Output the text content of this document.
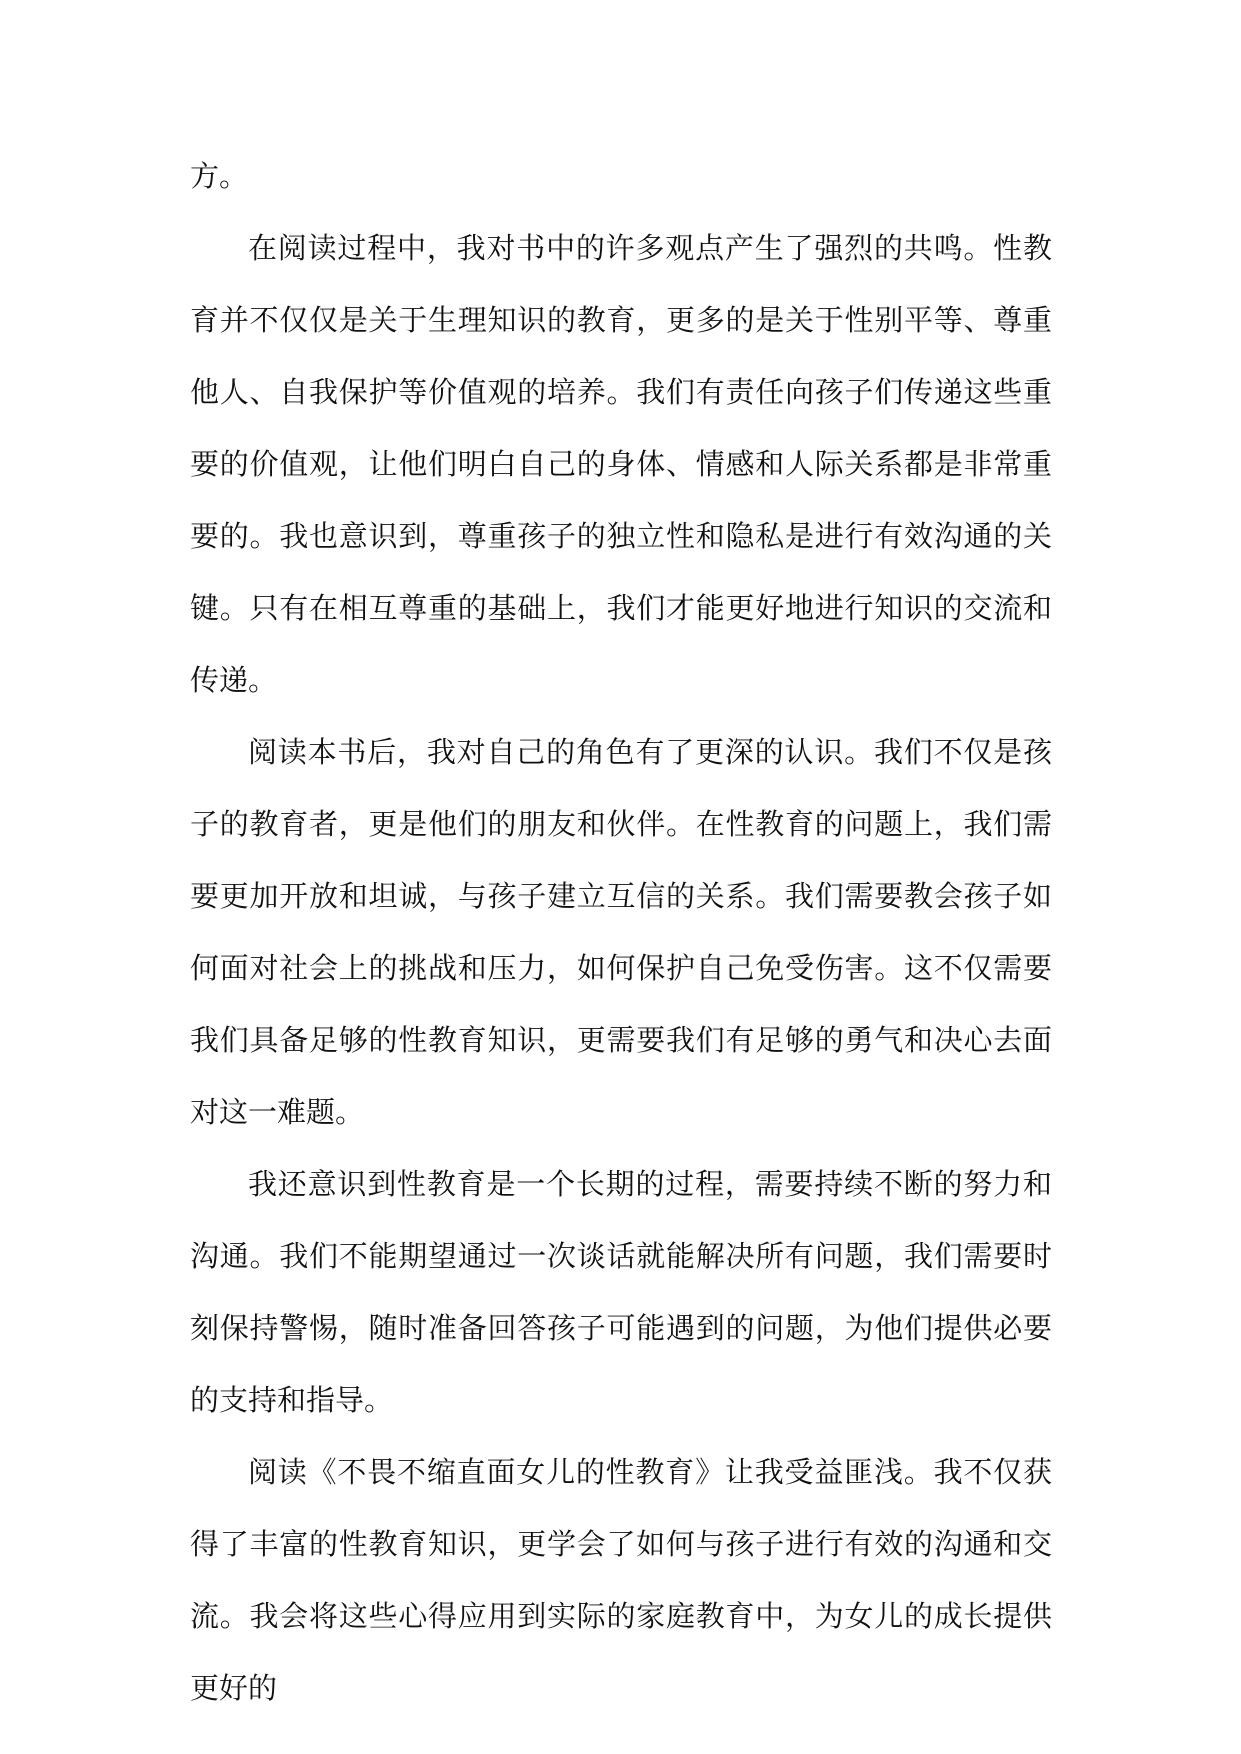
方。

在阅读过程中，我对书中的许多观点产生了强烈的共鸣。性教育并不仅仅是关于生理知识的教育，更多的是关于性别平等、尊重他人、自我保护等价值观的培养。我们有责任向孩子们传递这些重要的价值观，让他们明白自己的身体、情感和人际关系都是非常重要的。我也意识到，尊重孩子的独立性和隐私是进行有效沟通的关键。只有在相互尊重的基础上，我们才能更好地进行知识的交流和传递。

阅读本书后，我对自己的角色有了更深的认识。我们不仅是孩子的教育者，更是他们的朋友和伙伴。在性教育的问题上，我们需要更加开放和坦诚，与孩子建立互信的关系。我们需要教会孩子如何面对社会上的挑战和压力，如何保护自己免受伤害。这不仅需要我们具备足够的性教育知识，更需要我们有足够的勇气和决心去面对这一难题。

我还意识到性教育是一个长期的过程，需要持续不断的努力和沟通。我们不能期望通过一次谈话就能解决所有问题，我们需要时刻保持警惕，随时准备回答孩子可能遇到的问题，为他们提供必要的支持和指导。

阅读《不畏不缩直面女儿的性教育》让我受益匪浅。我不仅获得了丰富的性教育知识，更学会了如何与孩子进行有效的沟通和交流。我会将这些心得应用到实际的家庭教育中，为女儿的成长提供更好的
